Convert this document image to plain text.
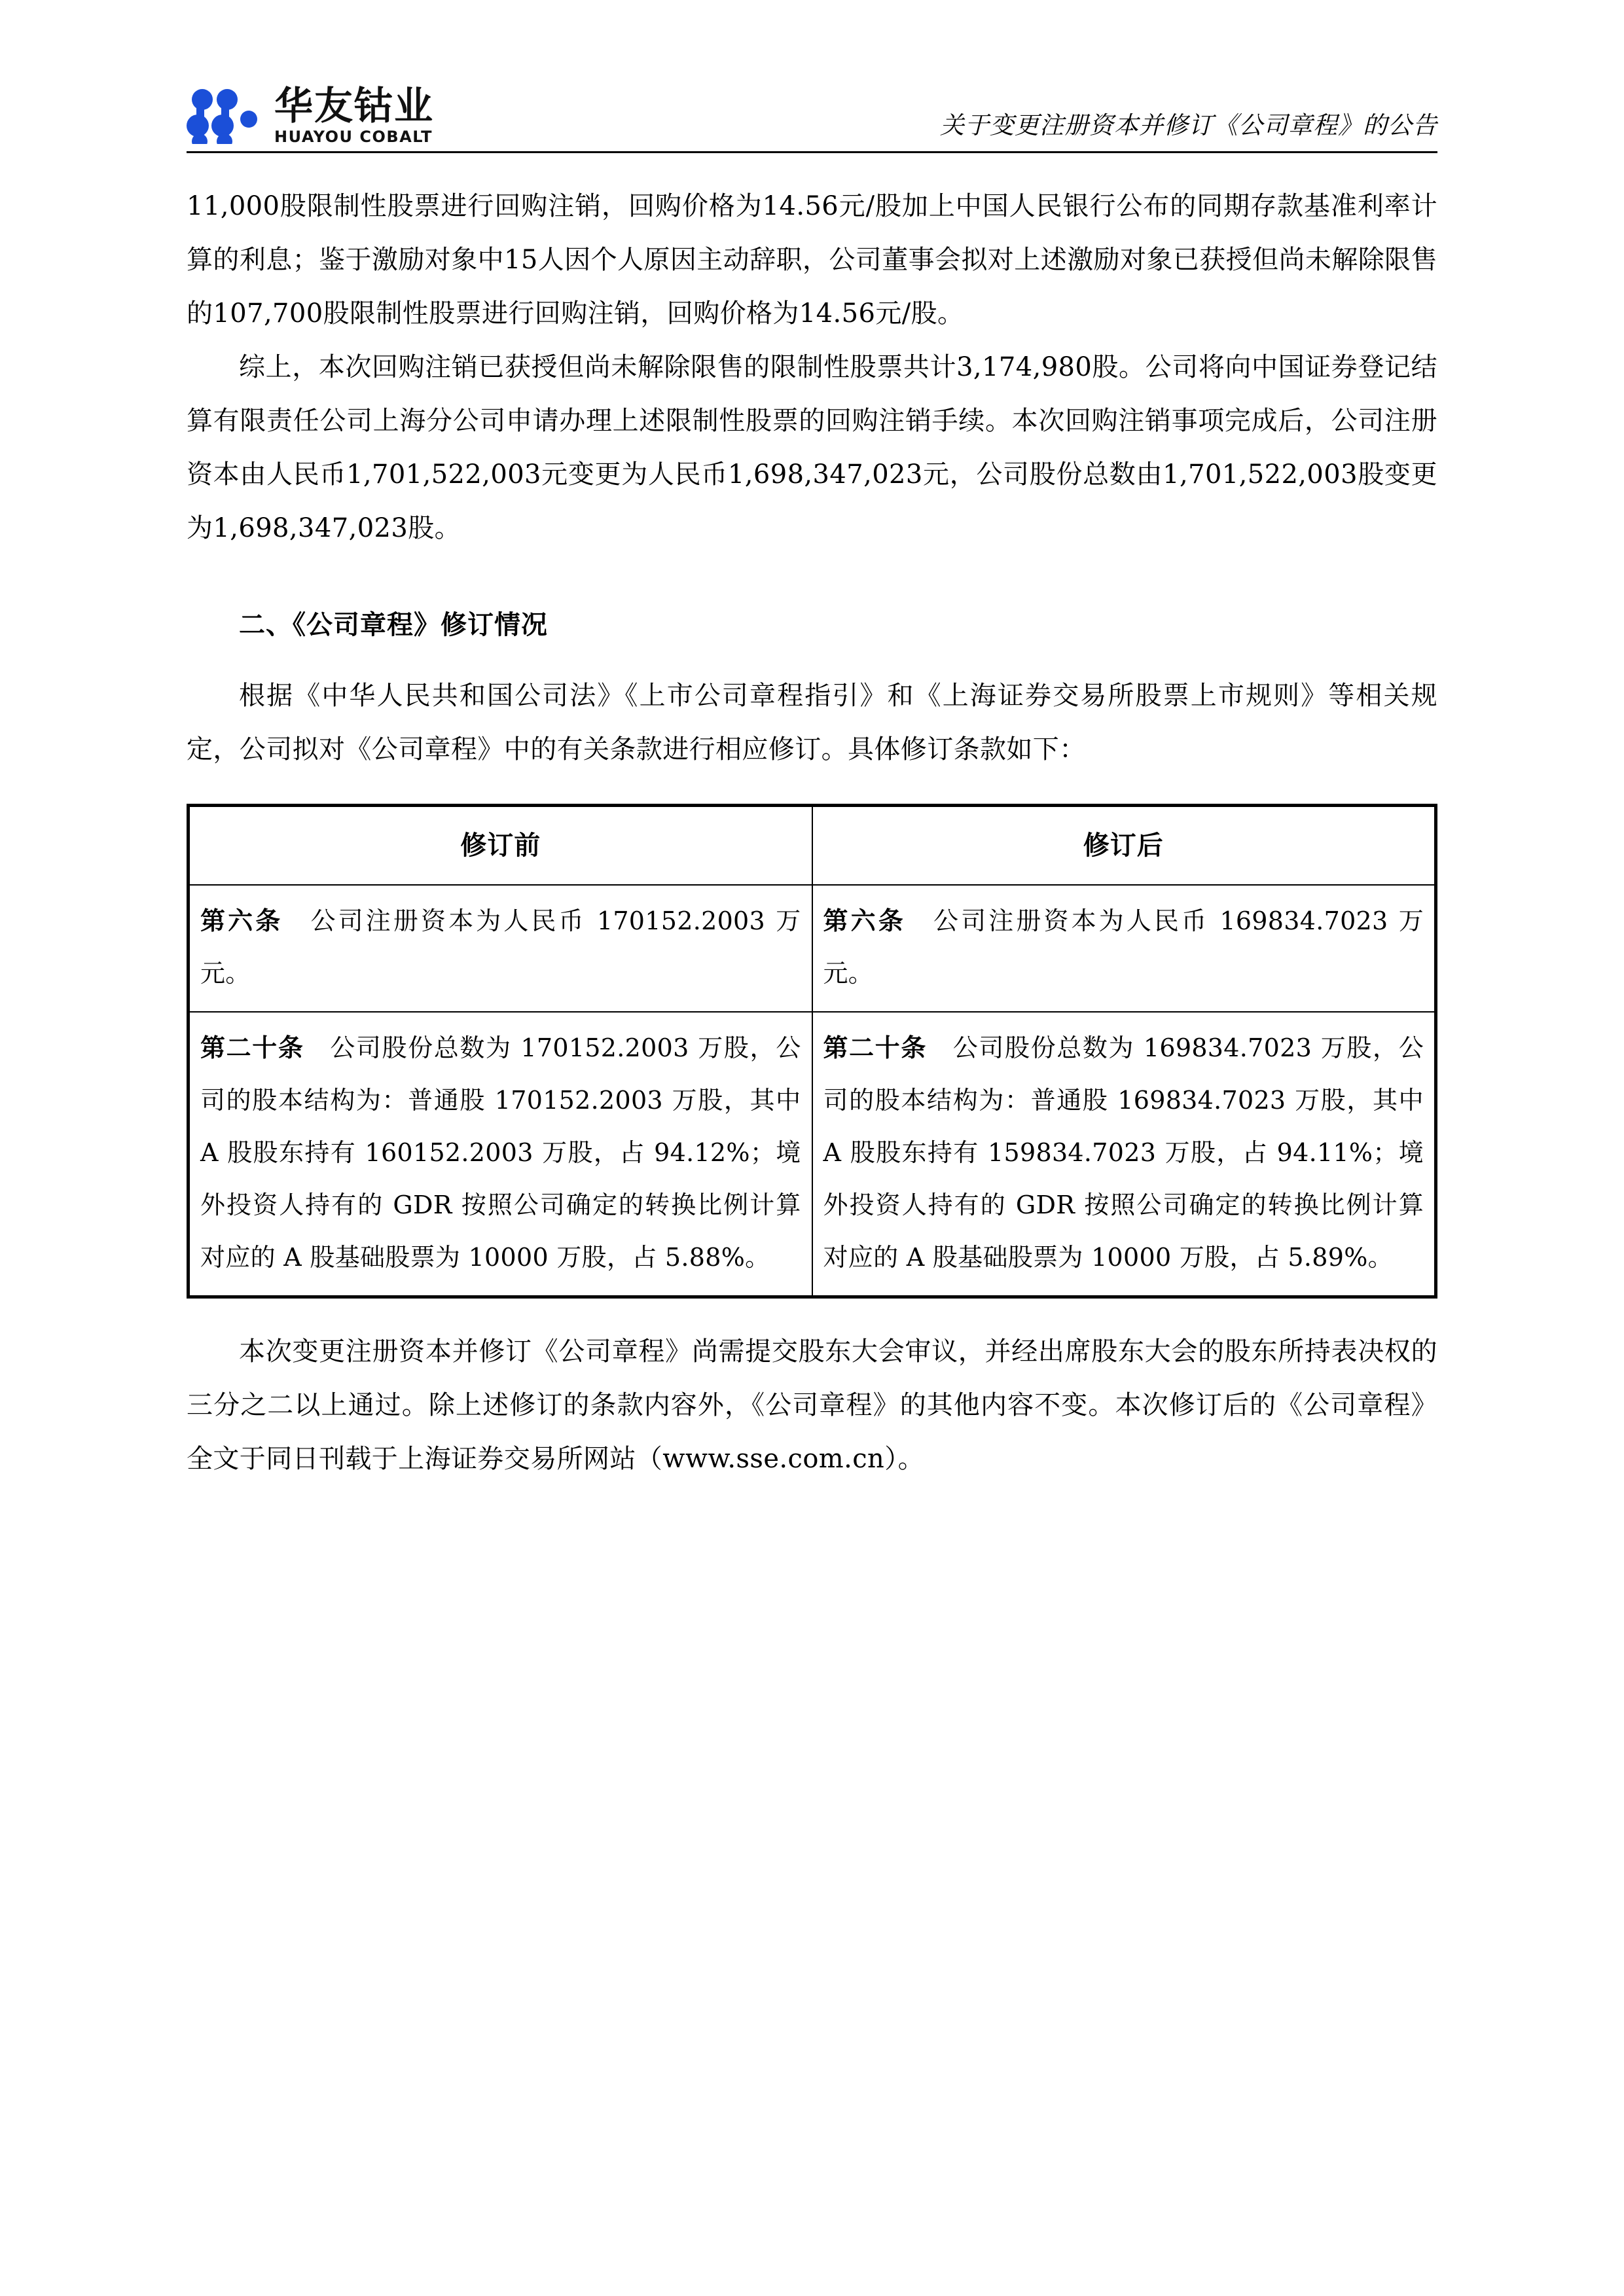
华友钴业
HUAYOU COBALT	关于变更注册资本并修订《公司章程》的公告

11,000股限制性股票进行回购注销，回购价格为14.56元/股加上中国人民银行公布的同期存款基准利率计算的利息；鉴于激励对象中15人因个人原因主动辞职，公司董事会拟对上述激励对象已获授但尚未解除限售的107,700股限制性股票进行回购注销，回购价格为14.56元/股。

综上，本次回购注销已获授但尚未解除限售的限制性股票共计3,174,980股。公司将向中国证券登记结算有限责任公司上海分公司申请办理上述限制性股票的回购注销手续。本次回购注销事项完成后，公司注册资本由人民币1,701,522,003元变更为人民币1,698,347,023元，公司股份总数由1,701,522,003股变更为1,698,347,023股。

二、《公司章程》修订情况

根据《中华人民共和国公司法》《上市公司章程指引》和《上海证券交易所股票上市规则》等相关规定，公司拟对《公司章程》中的有关条款进行相应修订。具体修订条款如下：

修订前	修订后

第六条　公司注册资本为人民币 170152.2003 万元。	第六条　公司注册资本为人民币 169834.7023 万元。

第二十条　公司股份总数为 170152.2003 万股，公司的股本结构为：普通股 170152.2003 万股，其中 A 股股东持有 160152.2003 万股，占 94.12%；境外投资人持有的 GDR 按照公司确定的转换比例计算对应的 A 股基础股票为 10000 万股，占 5.88%。	第二十条　公司股份总数为 169834.7023 万股，公司的股本结构为：普通股 169834.7023 万股，其中 A 股股东持有 159834.7023 万股，占 94.11%；境外投资人持有的 GDR 按照公司确定的转换比例计算对应的 A 股基础股票为 10000 万股，占 5.89%。

本次变更注册资本并修订《公司章程》尚需提交股东大会审议，并经出席股东大会的股东所持表决权的三分之二以上通过。除上述修订的条款内容外，《公司章程》的其他内容不变。本次修订后的《公司章程》全文于同日刊载于上海证券交易所网站（www.sse.com.cn）。
